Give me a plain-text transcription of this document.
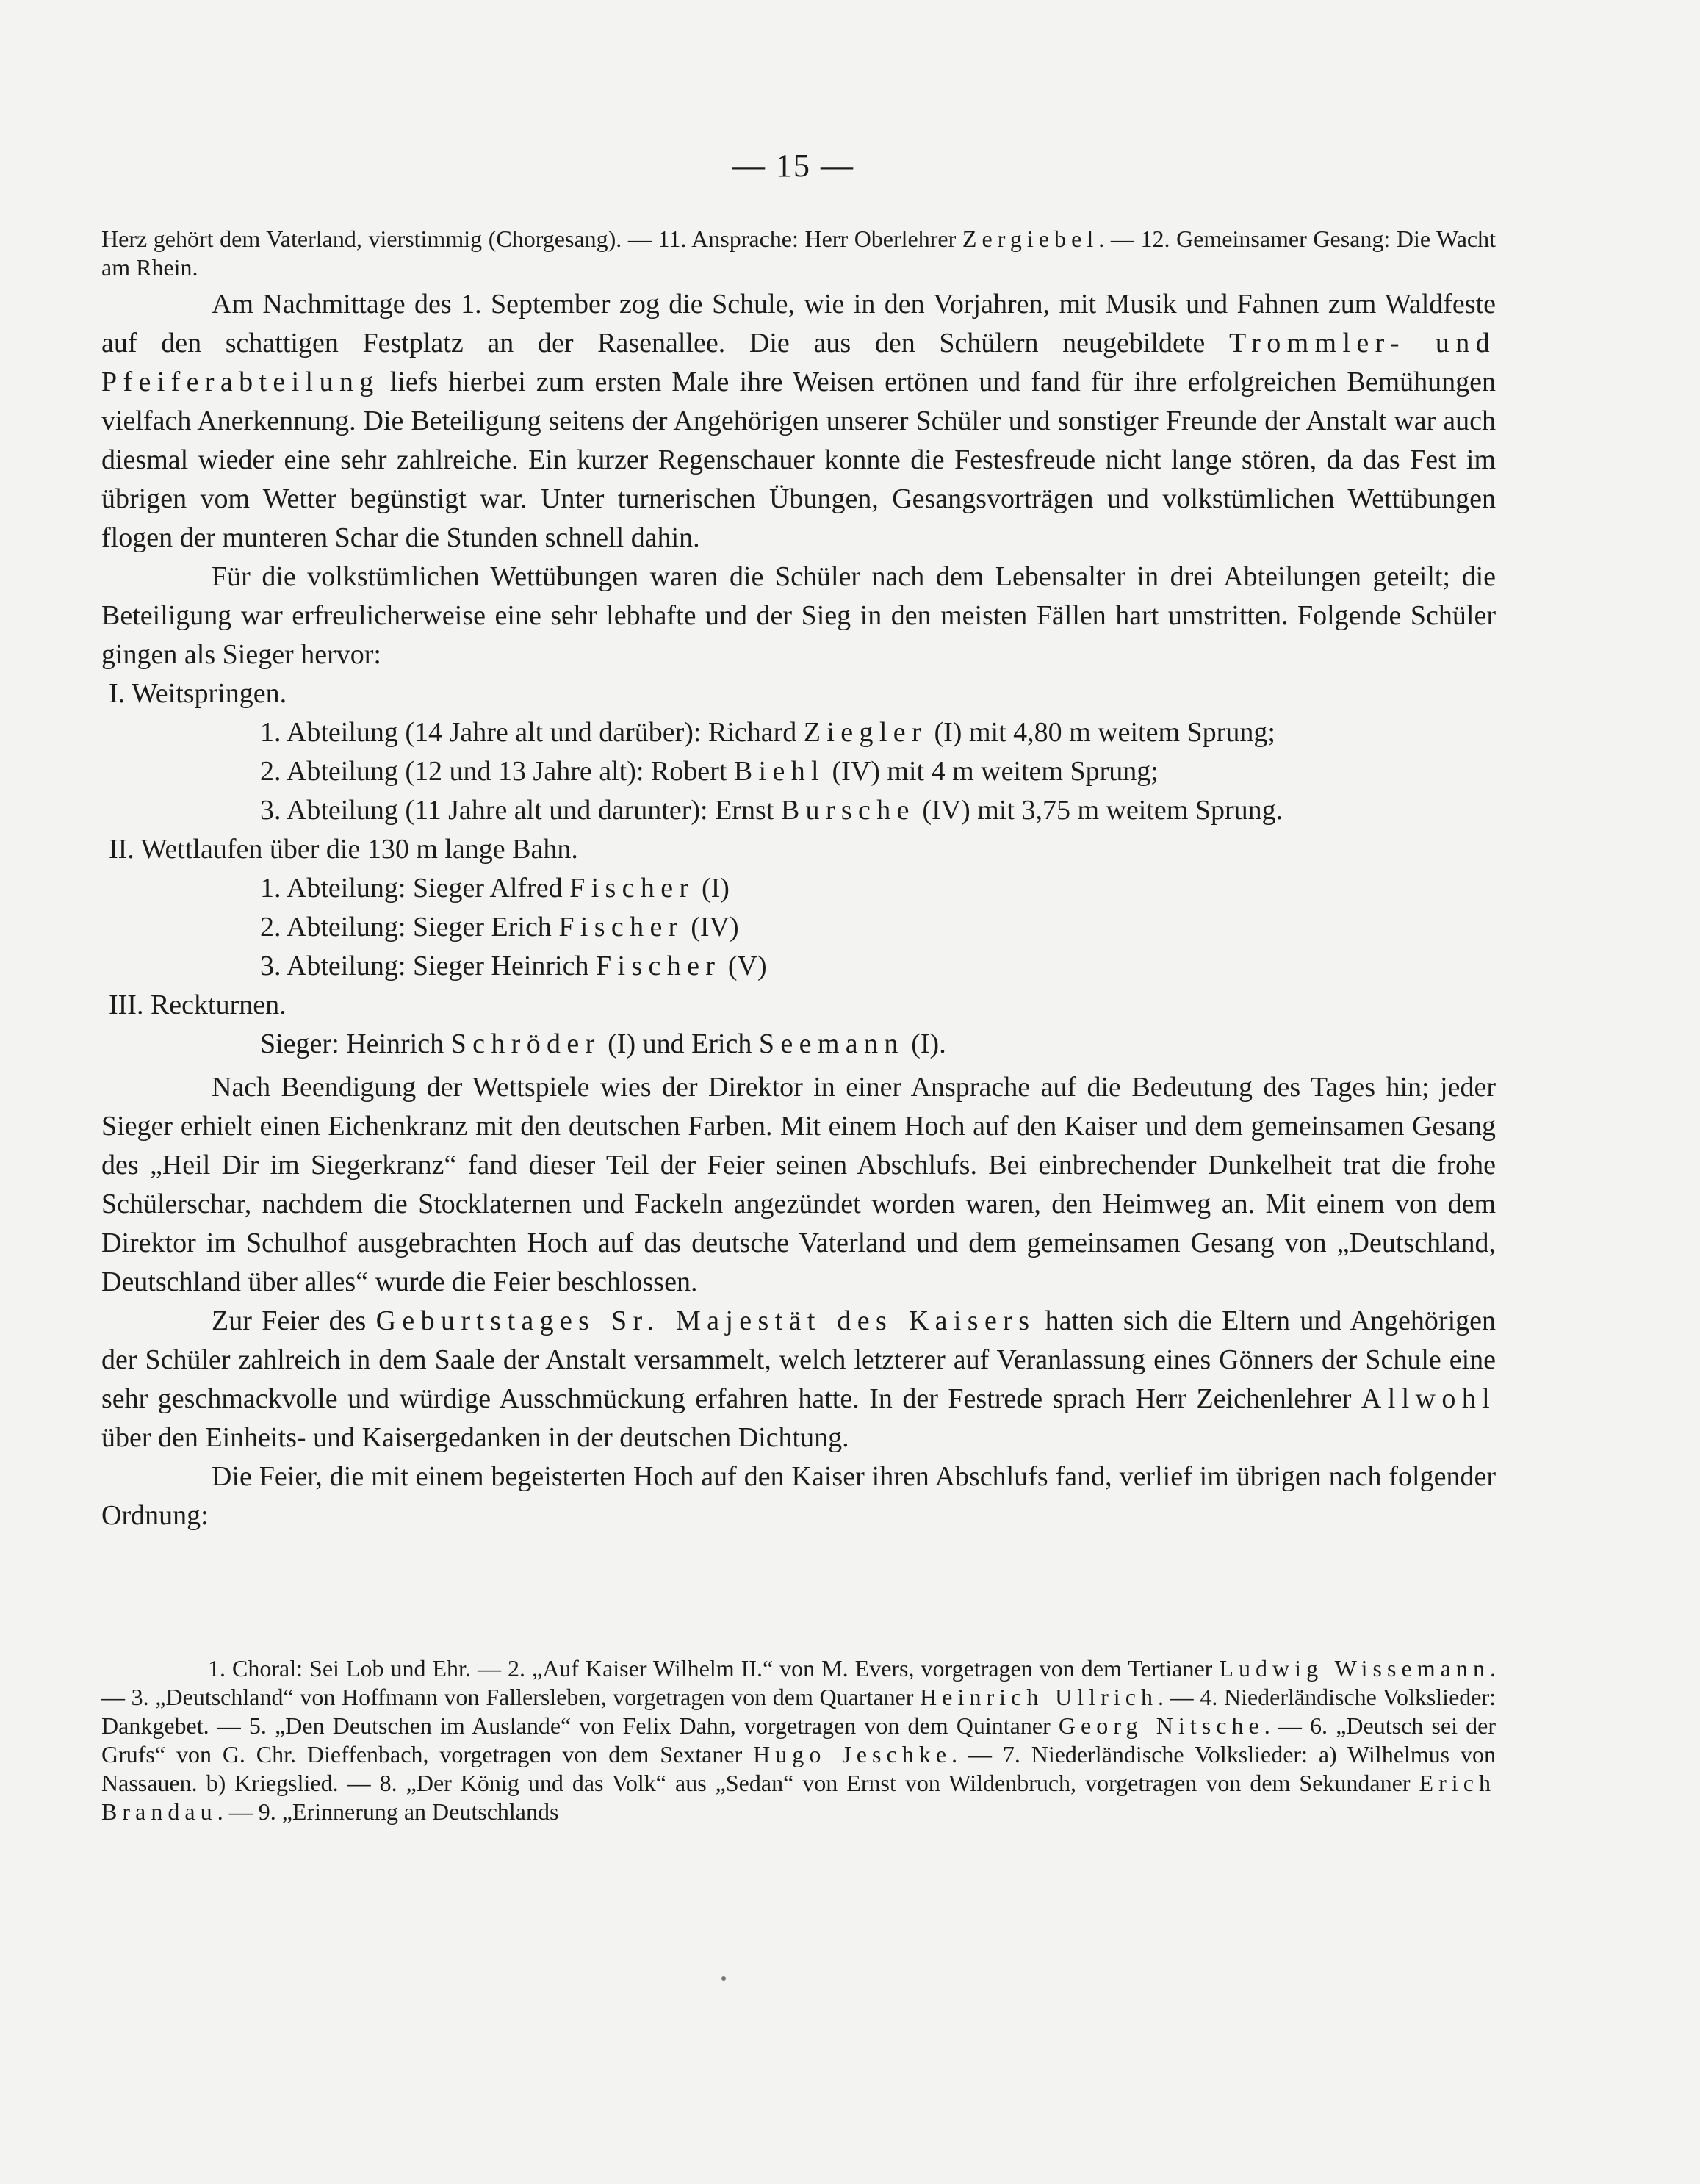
— 15 —

Herz gehört dem Vaterland, vierstimmig (Chorgesang). — 11. Ansprache: Herr Oberlehrer Zergiebel. — 12. Gemeinsamer Gesang: Die Wacht am Rhein.

Am Nachmittage des 1. September zog die Schule, wie in den Vorjahren, mit Musik und Fahnen zum Waldfeste auf den schattigen Festplatz an der Rasenallee. Die aus den Schülern neugebildete Trommler- und Pfeiferabteilung liefs hierbei zum ersten Male ihre Weisen ertönen und fand für ihre erfolgreichen Bemühungen vielfach Anerkennung. Die Beteiligung seitens der Angehörigen unserer Schüler und sonstiger Freunde der Anstalt war auch diesmal wieder eine sehr zahlreiche. Ein kurzer Regenschauer konnte die Festesfreude nicht lange stören, da das Fest im übrigen vom Wetter begünstigt war. Unter turnerischen Übungen, Gesangsvorträgen und volkstümlichen Wettübungen flogen der munteren Schar die Stunden schnell dahin.

Für die volkstümlichen Wettübungen waren die Schüler nach dem Lebensalter in drei Abteilungen geteilt; die Beteiligung war erfreulicherweise eine sehr lebhafte und der Sieg in den meisten Fällen hart umstritten. Folgende Schüler gingen als Sieger hervor:

I. Weitspringen.
1. Abteilung (14 Jahre alt und darüber): Richard Ziegler (I) mit 4,80 m weitem Sprung;
2. Abteilung (12 und 13 Jahre alt): Robert Biehl (IV) mit 4 m weitem Sprung;
3. Abteilung (11 Jahre alt und darunter): Ernst Bursche (IV) mit 3,75 m weitem Sprung.
II. Wettlaufen über die 130 m lange Bahn.
1. Abteilung: Sieger Alfred Fischer (I)
2. Abteilung: Sieger Erich Fischer (IV)
3. Abteilung: Sieger Heinrich Fischer (V)
III. Reckturnen.
Sieger: Heinrich Schröder (I) und Erich Seemann (I).

Nach Beendigung der Wettspiele wies der Direktor in einer Ansprache auf die Bedeutung des Tages hin; jeder Sieger erhielt einen Eichenkranz mit den deutschen Farben. Mit einem Hoch auf den Kaiser und dem gemeinsamen Gesang des „Heil Dir im Siegerkranz“ fand dieser Teil der Feier seinen Abschlufs. Bei einbrechender Dunkelheit trat die frohe Schülerschar, nachdem die Stocklaternen und Fackeln angezündet worden waren, den Heimweg an. Mit einem von dem Direktor im Schulhof ausgebrachten Hoch auf das deutsche Vaterland und dem gemeinsamen Gesang von „Deutschland, Deutschland über alles“ wurde die Feier beschlossen.

Zur Feier des Geburtstages Sr. Majestät des Kaisers hatten sich die Eltern und Angehörigen der Schüler zahlreich in dem Saale der Anstalt versammelt, welch letzterer auf Veranlassung eines Gönners der Schule eine sehr geschmackvolle und würdige Ausschmückung erfahren hatte. In der Festrede sprach Herr Zeichenlehrer Allwohl über den Einheits- und Kaisergedanken in der deutschen Dichtung.

Die Feier, die mit einem begeisterten Hoch auf den Kaiser ihren Abschlufs fand, verlief im übrigen nach folgender Ordnung:

1. Choral: Sei Lob und Ehr. — 2. „Auf Kaiser Wilhelm II.“ von M. Evers, vorgetragen von dem Tertianer Ludwig Wissemann. — 3. „Deutschland“ von Hoffmann von Fallersleben, vorgetragen von dem Quartaner Heinrich Ullrich. — 4. Niederländische Volkslieder: Dankgebet. — 5. „Den Deutschen im Auslande“ von Felix Dahn, vorgetragen von dem Quintaner Georg Nitsche. — 6. „Deutsch sei der Grufs“ von G. Chr. Dieffenbach, vorgetragen von dem Sextaner Hugo Jeschke. — 7. Niederländische Volkslieder: a) Wilhelmus von Nassauen. b) Kriegslied. — 8. „Der König und das Volk“ aus „Sedan“ von Ernst von Wildenbruch, vorgetragen von dem Sekundaner Erich Brandau. — 9. „Erinnerung an Deutschlands
